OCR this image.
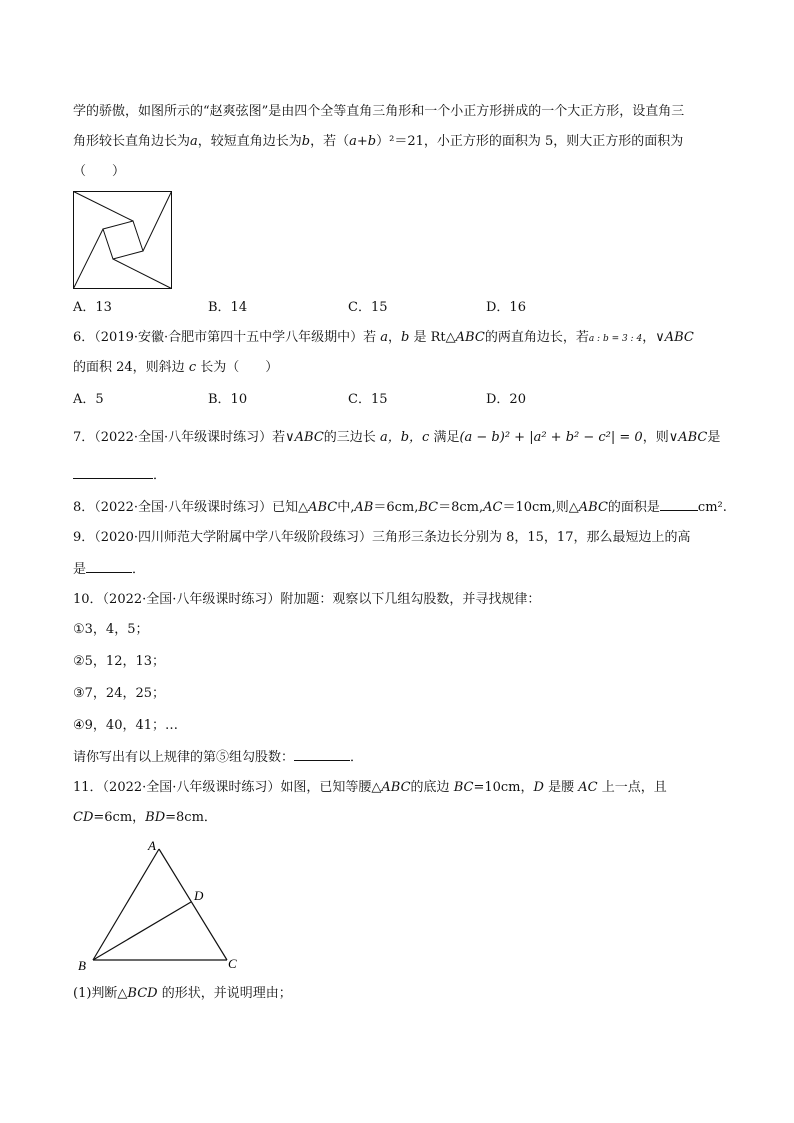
学的骄傲，如图所示的“赵爽弦图”是由四个全等直角三角形和一个小正方形拼成的一个大正方形，设直角三
角形较长直角边长为a，较短直角边长为b，若（a+b）²＝21，小正方形的面积为 5，则大正方形的面积为
（　　）
A．13	B．14	C．15	D．16
6．（2019·安徽·合肥市第四十五中学八年级期中）若 a，b 是 Rt△ABC的两直角边长，若a : b = 3 : 4，∨ABC
的面积 24，则斜边 c 长为（　　）
A．5	B．10	C．15	D．20
7．（2022·全国·八年级课时练习）若∨ABC的三边长 a，b，c 满足(a − b)² + |a² + b² − c²| = 0，则∨ABC是
．
8．（2022·全国·八年级课时练习）已知△ABC中,AB＝6cm,BC＝8cm,AC＝10cm,则△ABC的面积是	cm².
9．（2020·四川师范大学附属中学八年级阶段练习）三角形三条边长分别为 8，15，17，那么最短边上的高
是	．
10．（2022·全国·八年级课时练习）附加题：观察以下几组勾股数，并寻找规律：
①3，4，5；
②5，12，13；
③7，24，25；
④9，40，41；…
请你写出有以上规律的第⑤组勾股数：	．
11．（2022·全国·八年级课时练习）如图，已知等腰△ABC的底边 BC=10cm，D 是腰 AC 上一点，且
CD=6cm，BD=8cm．
A
B	C
D
(1)判断△BCD 的形状，并说明理由；
